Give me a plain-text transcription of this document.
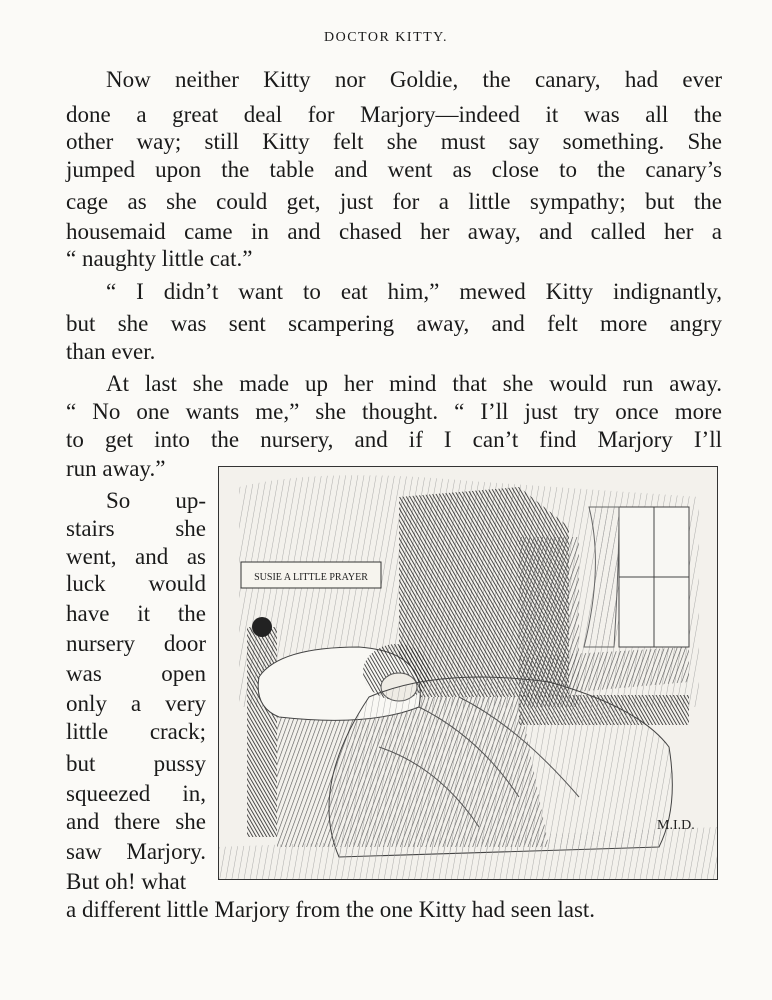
DOCTOR KITTY.
Now neither Kitty nor Goldie, the canary, had ever
done a great deal for Marjory—indeed it was all the
other way; still Kitty felt she must say something. She
jumped upon the table and went as close to the canary’s
cage as she could get, just for a little sympathy; but the
housemaid came in and chased her away, and called her a
“ naughty little cat.”
“ I didn’t want to eat him,” mewed Kitty indignantly,
but she was sent scampering away, and felt more angry
than ever.
At last she made up her mind that she would run away.
“ No one wants me,” she thought. “ I’ll just try once more
to get into the nursery, and if I can’t find Marjory I’ll
run away.”
So up-
stairs she
went, and as
luck would
have it the
nursery door
was open
only a very
little crack;
but pussy
squeezed in,
and there she
saw Marjory.
But oh! what
a different little Marjory from the one Kitty had seen last.
SUSIE A LITTLE PRAYER
M.I.D.
